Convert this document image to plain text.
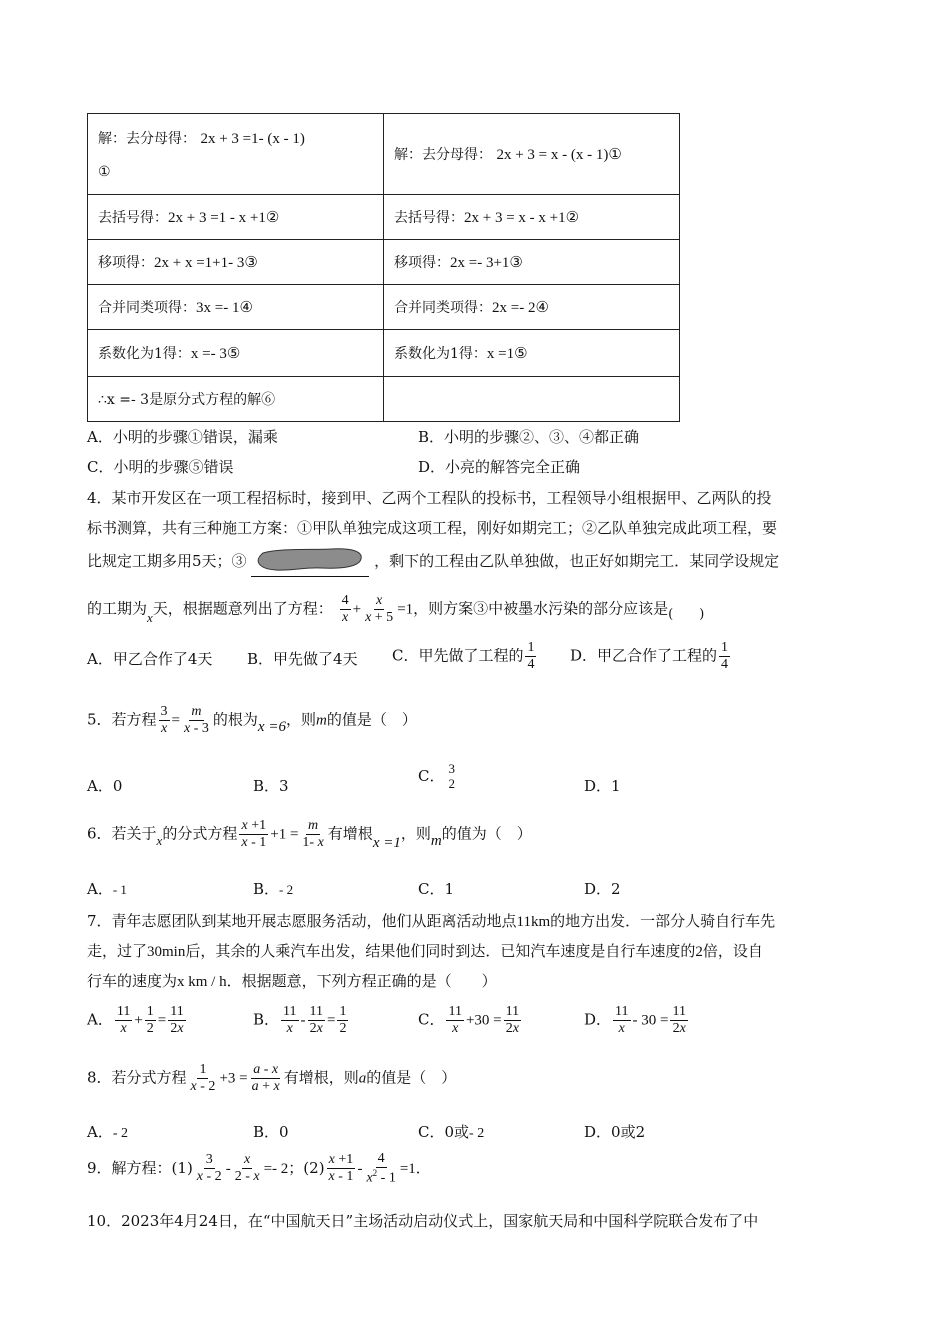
解：去分母得： 2x + 3 =1- (x - 1)

①	解：去分母得： 2x + 3 = x - (x - 1)①
去括号得：2x + 3 =1 - x +1②	去括号得：2x + 3 = x - x +1②
移项得：2x + x =1+1- 3③	移项得：2x =- 3+1③
合并同类项得：3x =- 1④	合并同类项得：2x =- 2④
系数化为1得：x =- 3⑤	系数化为1得：x =1⑤
∴x =- 3是原分式方程的解⑥	
A．小明的步骤①错误，漏乘	B．小明的步骤②、③、④都正确
C．小明的步骤⑤错误	D．小亮的解答完全正确
4．某市开发区在一项工程招标时，接到甲、乙两个工程队的投标书，工程领导小组根据甲、乙两队的投
标书测算，共有三种施工方案：①甲队单独完成这项工程，刚好如期完工；②乙队单独完成此项工程，要
比规定工期多用5天；③	，剩下的工程由乙队单独做，也正好如期完工．某同学设规定
的工期为x天，根据题意列出了方程： $\frac{4}{x} + \frac{x}{x + 5} =1$，则方案③中被墨水污染的部分应该是(　　)
A．甲乙合作了4天 B．甲先做了4天 C．甲先做了工程的 $\frac{1}{4}$ D．甲乙合作了工程的 $\frac{1}{4}$
5．若方程 $\frac{3}{x} = \frac{m}{x - 3}$ 的根为x =6，则m的值是（　）
A．0	B．3
C． 3
2	D．1
6．若关于x的分式方程 $\frac{x +1}{x - 1} +1 = \frac{m}{1- x}$ 有增根x =1，则m的值为（　）
A．- 1	B．- 2	C．1	D．2
7．青年志愿团队到某地开展志愿服务活动，他们从距离活动地点11km的地方出发．一部分人骑自行车先
走，过了30min后，其余的人乘汽车出发，结果他们同时到达．已知汽车速度是自行车速度的2倍，设自
行车的速度为x km / h．根据题意，下列方程正确的是（　　）
A． $\frac{11}{x} + \frac{1}{2} = \frac{11}{2x}$	B． $\frac{11}{x} - \frac{11}{2x} = \frac{1}{2}$	C． $\frac{11}{x} +30 = \frac{11}{2x}$	D． $\frac{11}{x} - 30 = \frac{11}{2x}$
8．若分式方程 $\frac{1}{x - 2} +3 = \frac{a - x}{a + x}$ 有增根，则a的值是（　）
A．- 2	B．0	C．0或- 2	D．0或2
9．解方程：$(1) \frac{3}{x - 2} - \frac{x}{2 - x} =- 2$；$(2) \frac{x +1}{x - 1} - \frac{4}{x^2 - 1} =1$．
10．2023年4月24日，在“中国航天日”主场活动启动仪式上，国家航天局和中国科学院联合发布了中
